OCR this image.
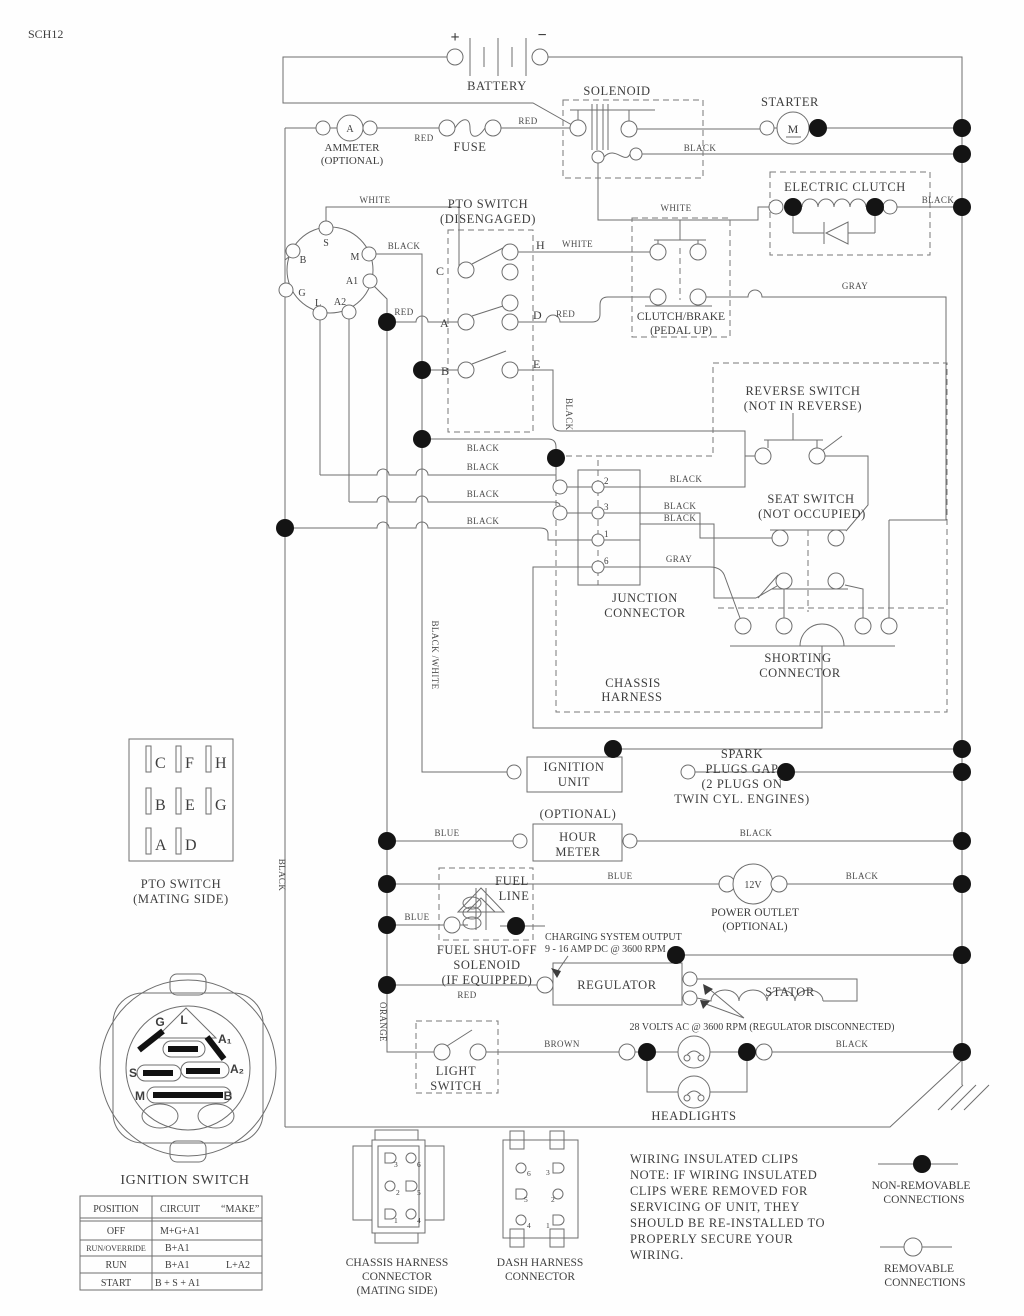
SCH12
BATTERY
+	−
SOLENOID
STARTER
M
A
AMMETER
(OPTIONAL)
FUSE
RED
RED
BLACK
ELECTRIC CLUTCH
BLACK
WHITE
WHITE
BLACK
RED
PTO SWITCH
(DISENGAGED)
C
A
B
H
D
E
WHITE
RED
BLACK
S
B	M
G
L
A1
A2
CLUTCH/BRAKE
(PEDAL UP)
GRAY
REVERSE SWITCH
(NOT IN REVERSE)
SEAT SWITCH
(NOT OCCUPIED)
BLACK
BLACK
BLACK
BLACK
BLACK
BLACK
BLACK
GRAY
2
3
1
6
JUNCTION
CONNECTOR
SHORTING
CONNECTOR
CHASSIS
HARNESS
BLACK /WHITE
BLACK
ORANGE
IGNITION
UNIT
SPARK
PLUGS GAP
(2 PLUGS ON
TWIN CYL. ENGINES)
(OPTIONAL)
HOUR
METER
BLUE	BLACK
BLUE
12V
BLACK
POWER OUTLET
(OPTIONAL)
FUEL
LINE
BLUE
FUEL SHUT-OFF
SOLENOID
(IF EQUIPPED)
RED
CHARGING SYSTEM OUTPUT
9 - 16 AMP DC @ 3600 RPM
REGULATOR	STATOR
28 VOLTS AC @ 3600 RPM (REGULATOR DISCONNECTED)
BROWN	BLACK
LIGHT
SWITCH
HEADLIGHTS
C F H
B E G
A D
PTO SWITCH
(MATING SIDE)
G L
A₁
A₂
S
M	B
IGNITION SWITCH
3	6
2 5
1	4
6 3
5	2
4 1
CHASSIS HARNESS
CONNECTOR
(MATING SIDE)
DASH HARNESS
CONNECTOR
WIRING INSULATED CLIPS
NOTE: IF WIRING INSULATED
CLIPS WERE REMOVED FOR
SERVICING OF UNIT, THEY
SHOULD BE RE-INSTALLED TO
PROPERLY SECURE YOUR
WIRING.
NON-REMOVABLE
CONNECTIONS
REMOVABLE
CONNECTIONS
POSITION CIRCUIT “MAKE”
OFF	M+G+A1
RUN/OVERRIDE B+A1
RUN	B+A1	L+A2
START B + S + A1
